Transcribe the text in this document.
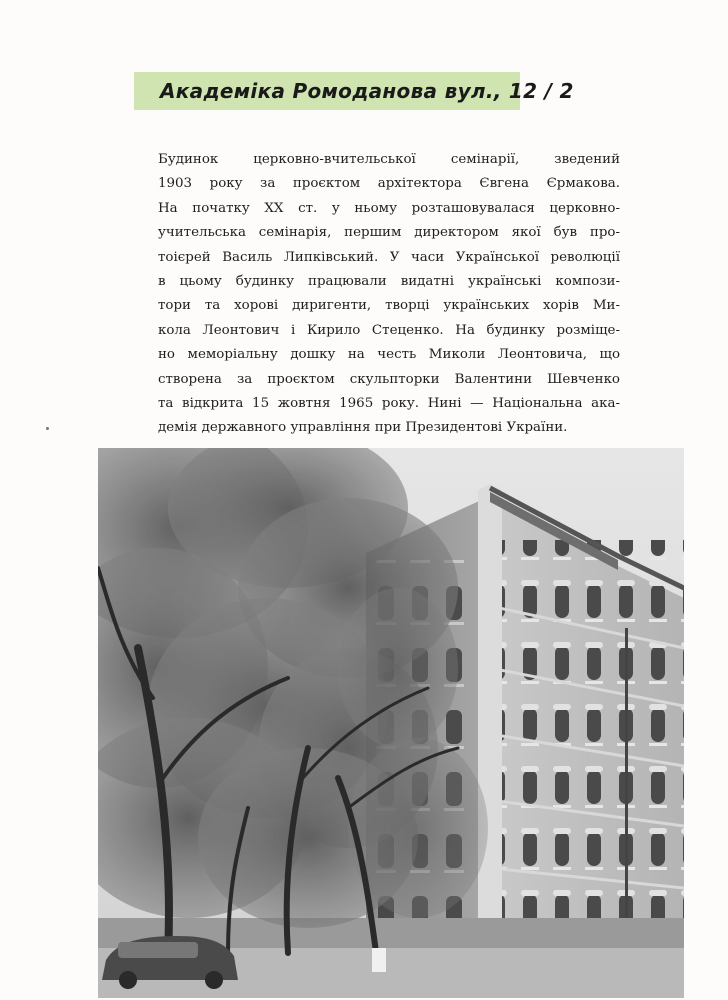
Академіка Ромоданова вул., 12 / 2
Будинок церковно-вчительської семінарії, зведений
1903 року за проєктом архітектора Євгена Єрмакова.
На початку XX ст. у ньому розташовувалася церковно-
учительська семінарія, першим директором якої був про-
тоієрей Василь Липківський. У часи Української революції
в цьому будинку працювали видатні українські компози-
тори та хорові диригенти, творці українських хорів Ми-
кола Леонтович і Кирило Стеценко. На будинку розміще-
но меморіальну дошку на честь Миколи Леонтовича, що
створена за проєктом скульпторки Валентини Шевченко
та відкрита 15 жовтня 1965 року. Нині — Національна ака-
демія державного управління при Президентові України.
